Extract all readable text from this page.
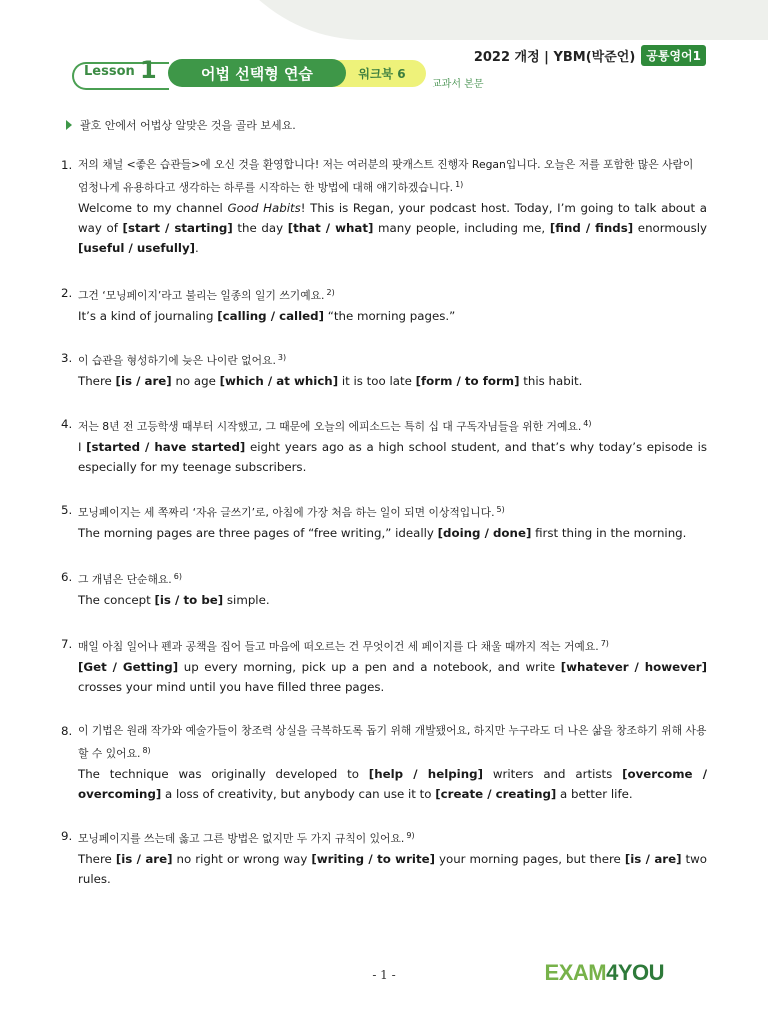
2022 개정 | YBM(박준언) 공통영어1
Lesson 1	어법 선택형 연습	워크북 6
교과서 본문
괄호 안에서 어법상 알맞은 것을 골라 보세요.
1. 저의 채널 <좋은 습관들>에 오신 것을 환영합니다! 저는 여러분의 팟캐스트 진행자 Regan입니다. 오늘은 저를 포함한 많은 사람이 엄청나게 유용하다고 생각하는 하루를 시작하는 한 방법에 대해 얘기하겠습니다. $^{1)}$
Welcome to my channel Good Habits! This is Regan, your podcast host. Today, I’m going to talk about a way of [start / starting] the day [that / what] many people, including me, [find / finds] enormously [useful / usefully].
2. 그건 ‘모닝페이지’라고 불리는 일종의 일기 쓰기예요. $^{2)}$
It’s a kind of journaling [calling / called] “the morning pages.”
3. 이 습관을 형성하기에 늦은 나이란 없어요. $^{3)}$
There [is / are] no age [which / at which] it is too late [form / to form] this habit.
4. 저는 8년 전 고등학생 때부터 시작했고, 그 때문에 오늘의 에피소드는 특히 십 대 구독자님들을 위한 거예요. $^{4)}$
I [started / have started] eight years ago as a high school student, and that’s why today’s episode is especially for my teenage subscribers.
5. 모닝페이지는 세 쪽짜리 ‘자유 글쓰기’로, 아침에 가장 처음 하는 일이 되면 이상적입니다. $^{5)}$
The morning pages are three pages of “free writing,” ideally [doing / done] first thing in the morning.
6. 그 개념은 단순해요. $^{6)}$
The concept [is / to be] simple.
7. 매일 아침 일어나 펜과 공책을 집어 들고 마음에 떠오르는 건 무엇이건 세 페이지를 다 채울 때까지 적는 거예요. $^{7)}$
[Get / Getting] up every morning, pick up a pen and a notebook, and write [whatever / however] crosses your mind until you have filled three pages.
8. 이 기법은 원래 작가와 예술가들이 창조력 상실을 극복하도록 돕기 위해 개발됐어요, 하지만 누구라도 더 나은 삶을 창조하기 위해 사용할 수 있어요. $^{8)}$
The technique was originally developed to [help / helping] writers and artists [overcome / overcoming] a loss of creativity, but anybody can use it to [create / creating] a better life.
9. 모닝페이지를 쓰는데 옳고 그른 방법은 없지만 두 가지 규칙이 있어요. $^{9)}$
There [is / are] no right or wrong way [writing / to write] your morning pages, but there [is / are] two rules.
- 1 -	EXAM4YOU
